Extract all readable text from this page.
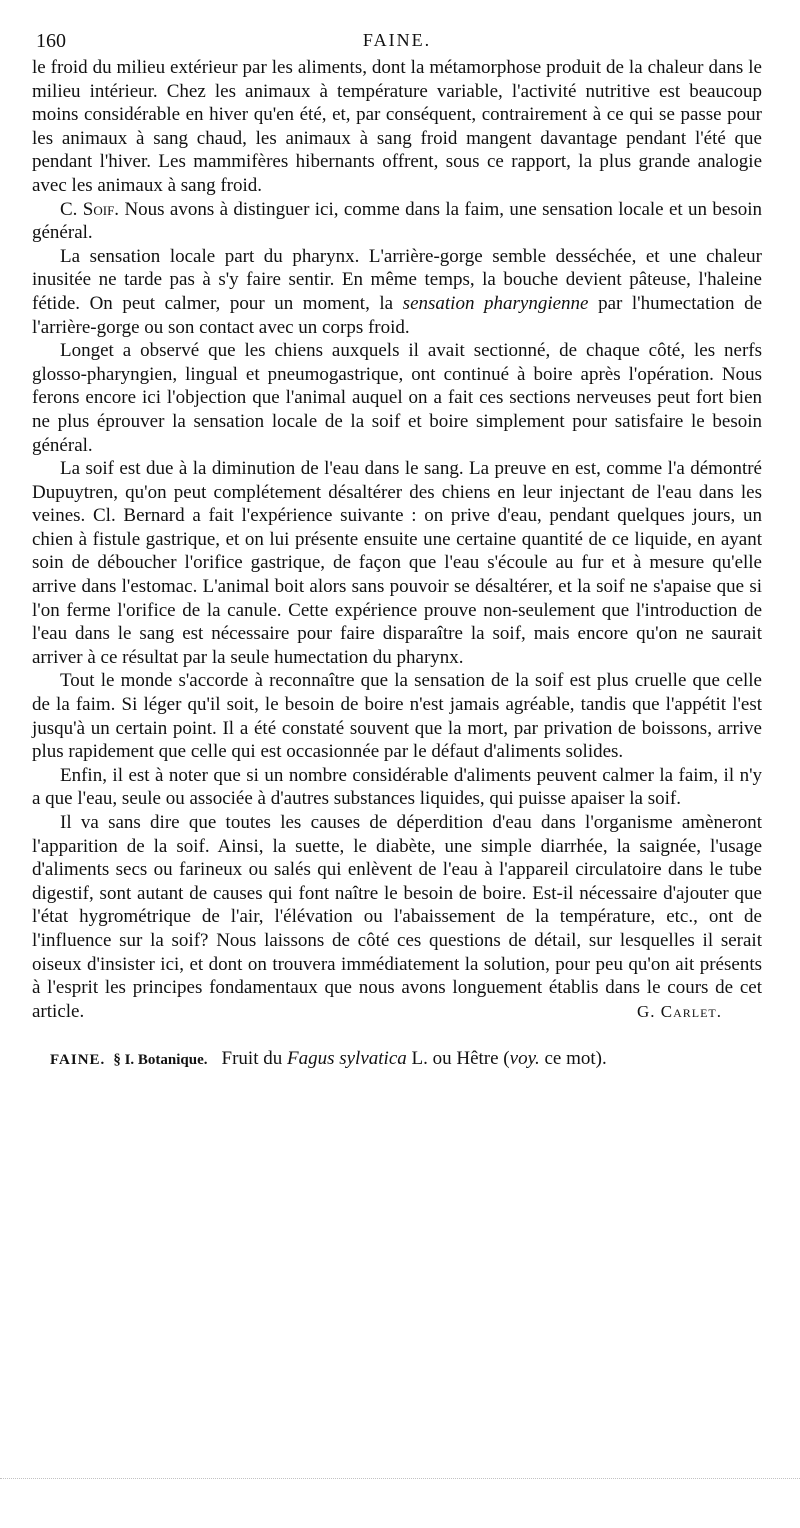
160	FAINE.

le froid du milieu extérieur par les aliments, dont la métamorphose produit de la chaleur dans le milieu intérieur. Chez les animaux à température variable, l'activité nutritive est beaucoup moins considérable en hiver qu'en été, et, par conséquent, contrairement à ce qui se passe pour les animaux à sang chaud, les animaux à sang froid mangent davantage pendant l'été que pendant l'hiver. Les mammifères hibernants offrent, sous ce rapport, la plus grande analogie avec les animaux à sang froid.

C. Soif. Nous avons à distinguer ici, comme dans la faim, une sensation locale et un besoin général.

La sensation locale part du pharynx. L'arrière-gorge semble desséchée, et une chaleur inusitée ne tarde pas à s'y faire sentir. En même temps, la bouche devient pâteuse, l'haleine fétide. On peut calmer, pour un moment, la sensation pharyngienne par l'humectation de l'arrière-gorge ou son contact avec un corps froid.

Longet a observé que les chiens auxquels il avait sectionné, de chaque côté, les nerfs glosso-pharyngien, lingual et pneumogastrique, ont continué à boire après l'opération. Nous ferons encore ici l'objection que l'animal auquel on a fait ces sections nerveuses peut fort bien ne plus éprouver la sensation locale de la soif et boire simplement pour satisfaire le besoin général.

La soif est due à la diminution de l'eau dans le sang. La preuve en est, comme l'a démontré Dupuytren, qu'on peut complétement désaltérer des chiens en leur injectant de l'eau dans les veines. Cl. Bernard a fait l'expérience suivante : on prive d'eau, pendant quelques jours, un chien à fistule gastrique, et on lui présente ensuite une certaine quantité de ce liquide, en ayant soin de déboucher l'orifice gastrique, de façon que l'eau s'écoule au fur et à mesure qu'elle arrive dans l'estomac. L'animal boit alors sans pouvoir se désaltérer, et la soif ne s'apaise que si l'on ferme l'orifice de la canule. Cette expérience prouve non-seulement que l'introduction de l'eau dans le sang est nécessaire pour faire disparaître la soif, mais encore qu'on ne saurait arriver à ce résultat par la seule humectation du pharynx.

Tout le monde s'accorde à reconnaître que la sensation de la soif est plus cruelle que celle de la faim. Si léger qu'il soit, le besoin de boire n'est jamais agréable, tandis que l'appétit l'est jusqu'à un certain point. Il a été constaté souvent que la mort, par privation de boissons, arrive plus rapidement que celle qui est occasionnée par le défaut d'aliments solides.

Enfin, il est à noter que si un nombre considérable d'aliments peuvent calmer la faim, il n'y a que l'eau, seule ou associée à d'autres substances liquides, qui puisse apaiser la soif.

Il va sans dire que toutes les causes de déperdition d'eau dans l'organisme amèneront l'apparition de la soif. Ainsi, la suette, le diabète, une simple diarrhée, la saignée, l'usage d'aliments secs ou farineux ou salés qui enlèvent de l'eau à l'appareil circulatoire dans le tube digestif, sont autant de causes qui font naître le besoin de boire. Est-il nécessaire d'ajouter que l'état hygrométrique de l'air, l'élévation ou l'abaissement de la température, etc., ont de l'influence sur la soif? Nous laissons de côté ces questions de détail, sur lesquelles il serait oiseux d'insister ici, et dont on trouvera immédiatement la solution, pour peu qu'on ait présents à l'esprit les principes fondamentaux que nous avons longuement établis dans le cours de cet article.	G. Carlet.
FAINE. § I. Botanique. Fruit du Fagus sylvatica L. ou Hêtre (voy. ce mot).
